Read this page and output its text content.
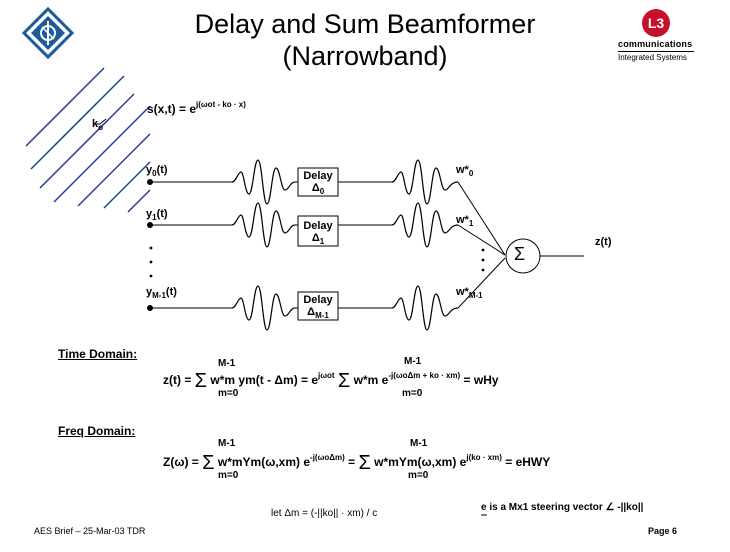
Delay and Sum Beamformer
(Narrowband)
L3
communications
Integrated Systems
$k_o$
$s(x,t) = e^{j(\omega ot - ko \cdot x)}$
$y_0(t)$
$y_1(t)$
$y_{M-1}(t)$
Delay
$\Delta_0$
Delay
$\Delta_1$
Delay
$\Delta_{M-1}$
$w*_0$
$w*_1$
$w*_{M-1}$
Σ
z(t)
Time Domain:
M-1
m=0
M-1
m=0
z(t) = Σ w*m $ym(t - \Delta m) = e^{j\omega ot}$ Σ w*m $e^{-j(\omega o\Delta m + ko \cdot xm)}$ = wHy
Freq Domain:
M-1
m=0
M-1
m=0
Z(ω) = Σ w*mYm(ω,xm) $e^{-j(\omega o\Delta m)} = \Sigma$ w*mYm(ω,xm) $e^{j(ko \cdot xm)}$ = eHWY
let Δm = (-||ko|| · xm) / c
e is a Mx1 steering vector ∠ -||ko||
AES Brief – 25-Mar-03 TDR	Page 6
